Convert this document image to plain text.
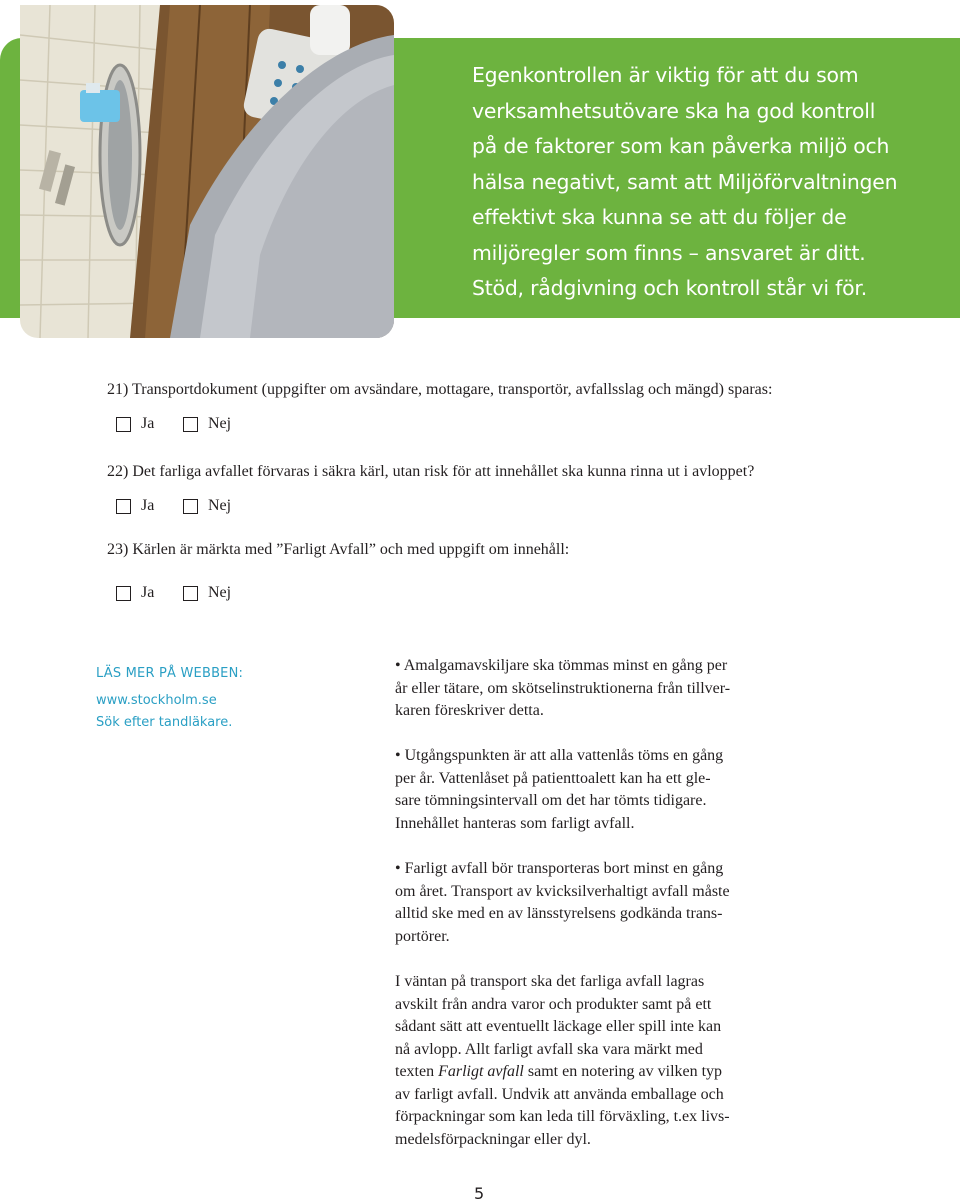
Egenkontrollen är viktig för att du som
verksamhetsutövare ska ha god kontroll
på de faktorer som kan påverka miljö och
hälsa negativt, samt att Miljöförvaltningen
effektivt ska kunna se att du följer de
miljöregler som finns – ansvaret är ditt.
Stöd, rådgivning och kontroll står vi för.

21) Transportdokument (uppgifter om avsändare, mottagare, transportör, avfallsslag och mängd) sparas:

Ja	Nej

22) Det farliga avfallet förvaras i säkra kärl, utan risk för att innehållet ska kunna rinna ut i avloppet?

Ja	Nej

23) Kärlen är märkta med ”Farligt Avfall” och med uppgift om innehåll:

Ja	Nej

LÄS MER PÅ WEBBEN:

www.stockholm.se

Sök efter tandläkare.

• Amalgamavskiljare ska tömmas minst en gång per

år eller tätare, om skötselinstruktionerna från tillver-

karen föreskriver detta.

• Utgångspunkten är att alla vattenlås töms en gång

per år. Vattenlåset på patienttoalett kan ha ett gle-

sare tömningsintervall om det har tömts tidigare.

Innehållet hanteras som farligt avfall.

• Farligt avfall bör transporteras bort minst en gång

om året. Transport av kvicksilverhaltigt avfall måste

alltid ske med en av länsstyrelsens godkända trans-

portörer.

I väntan på transport ska det farliga avfall lagras

avskilt från andra varor och produkter samt på ett

sådant sätt att eventuellt läckage eller spill inte kan

nå avlopp. Allt farligt avfall ska vara märkt med

texten Farligt avfall samt en notering av vilken typ

av farligt avfall. Undvik att använda emballage och

förpackningar som kan leda till förväxling, t.ex livs-

medelsförpackningar eller dyl.

5
